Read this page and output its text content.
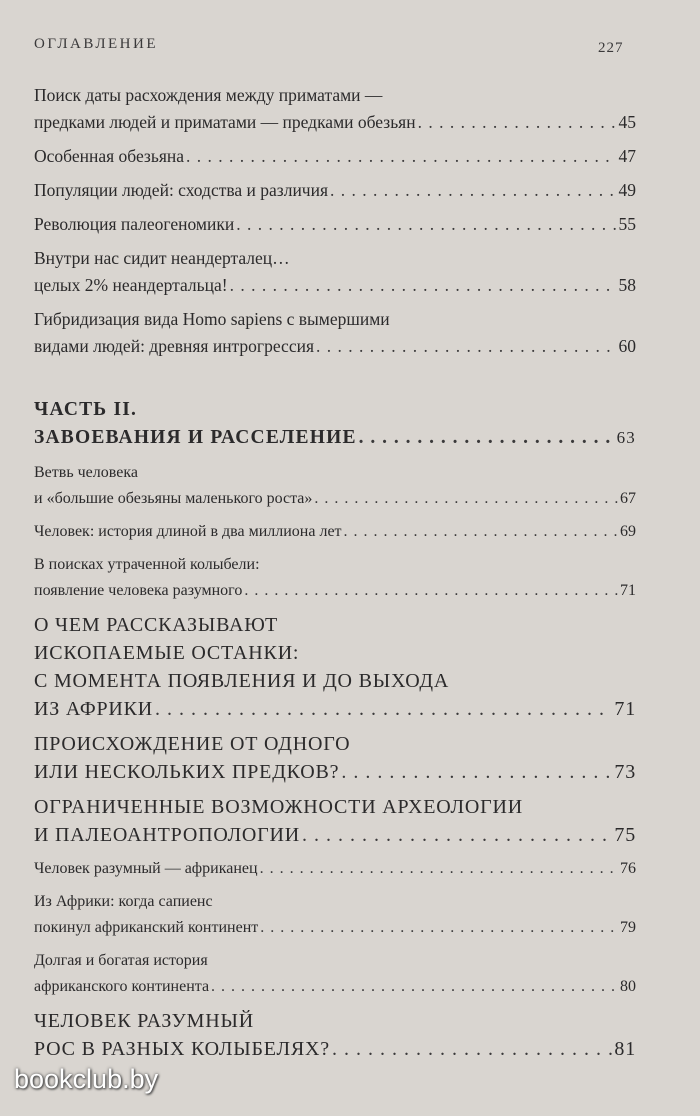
ОГЛАВЛЕНИЕ	227
Поиск даты расхождения между приматами —
предками людей и приматами — предками обезьян . . .	45
Особенная обезьяна . . .	47
Популяции людей: сходства и различия . . .	49
Революция палеогеномики . . .	55
Внутри нас сидит неандерталец…
целых 2% неандертальца! . . .	58
Гибридизация вида Homo sapiens с вымершими
видами людей: древняя интрогрессия . . .	60
ЧАСТЬ II.
ЗАВОЕВАНИЯ И РАССЕЛЕНИЕ . . .	63
Ветвь человека
и «большие обезьяны маленького роста» . . .	67
Человек: история длиной в два миллиона лет . . .	69
В поисках утраченной колыбели:
появление человека разумного . . .	71
О ЧЕМ РАССКАЗЫВАЮТ
ИСКОПАЕМЫЕ ОСТАНКИ:
С МОМЕНТА ПОЯВЛЕНИЯ И ДО ВЫХОДА
ИЗ АФРИКИ . . .	71
ПРОИСХОЖДЕНИЕ ОТ ОДНОГО
ИЛИ НЕСКОЛЬКИХ ПРЕДКОВ? . . .	73
ОГРАНИЧЕННЫЕ ВОЗМОЖНОСТИ АРХЕОЛОГИИ
И ПАЛЕОАНТРОПОЛОГИИ . . .	75
Человек разумный — африканец . . .	76
Из Африки: когда сапиенс
покинул африканский континент . . .	79
Долгая и богатая история
африканского континента . . .	80
ЧЕЛОВЕК РАЗУМНЫЙ
РОС В РАЗНЫХ КОЛЫБЕЛЯХ? . . .	81
bookclub.by
